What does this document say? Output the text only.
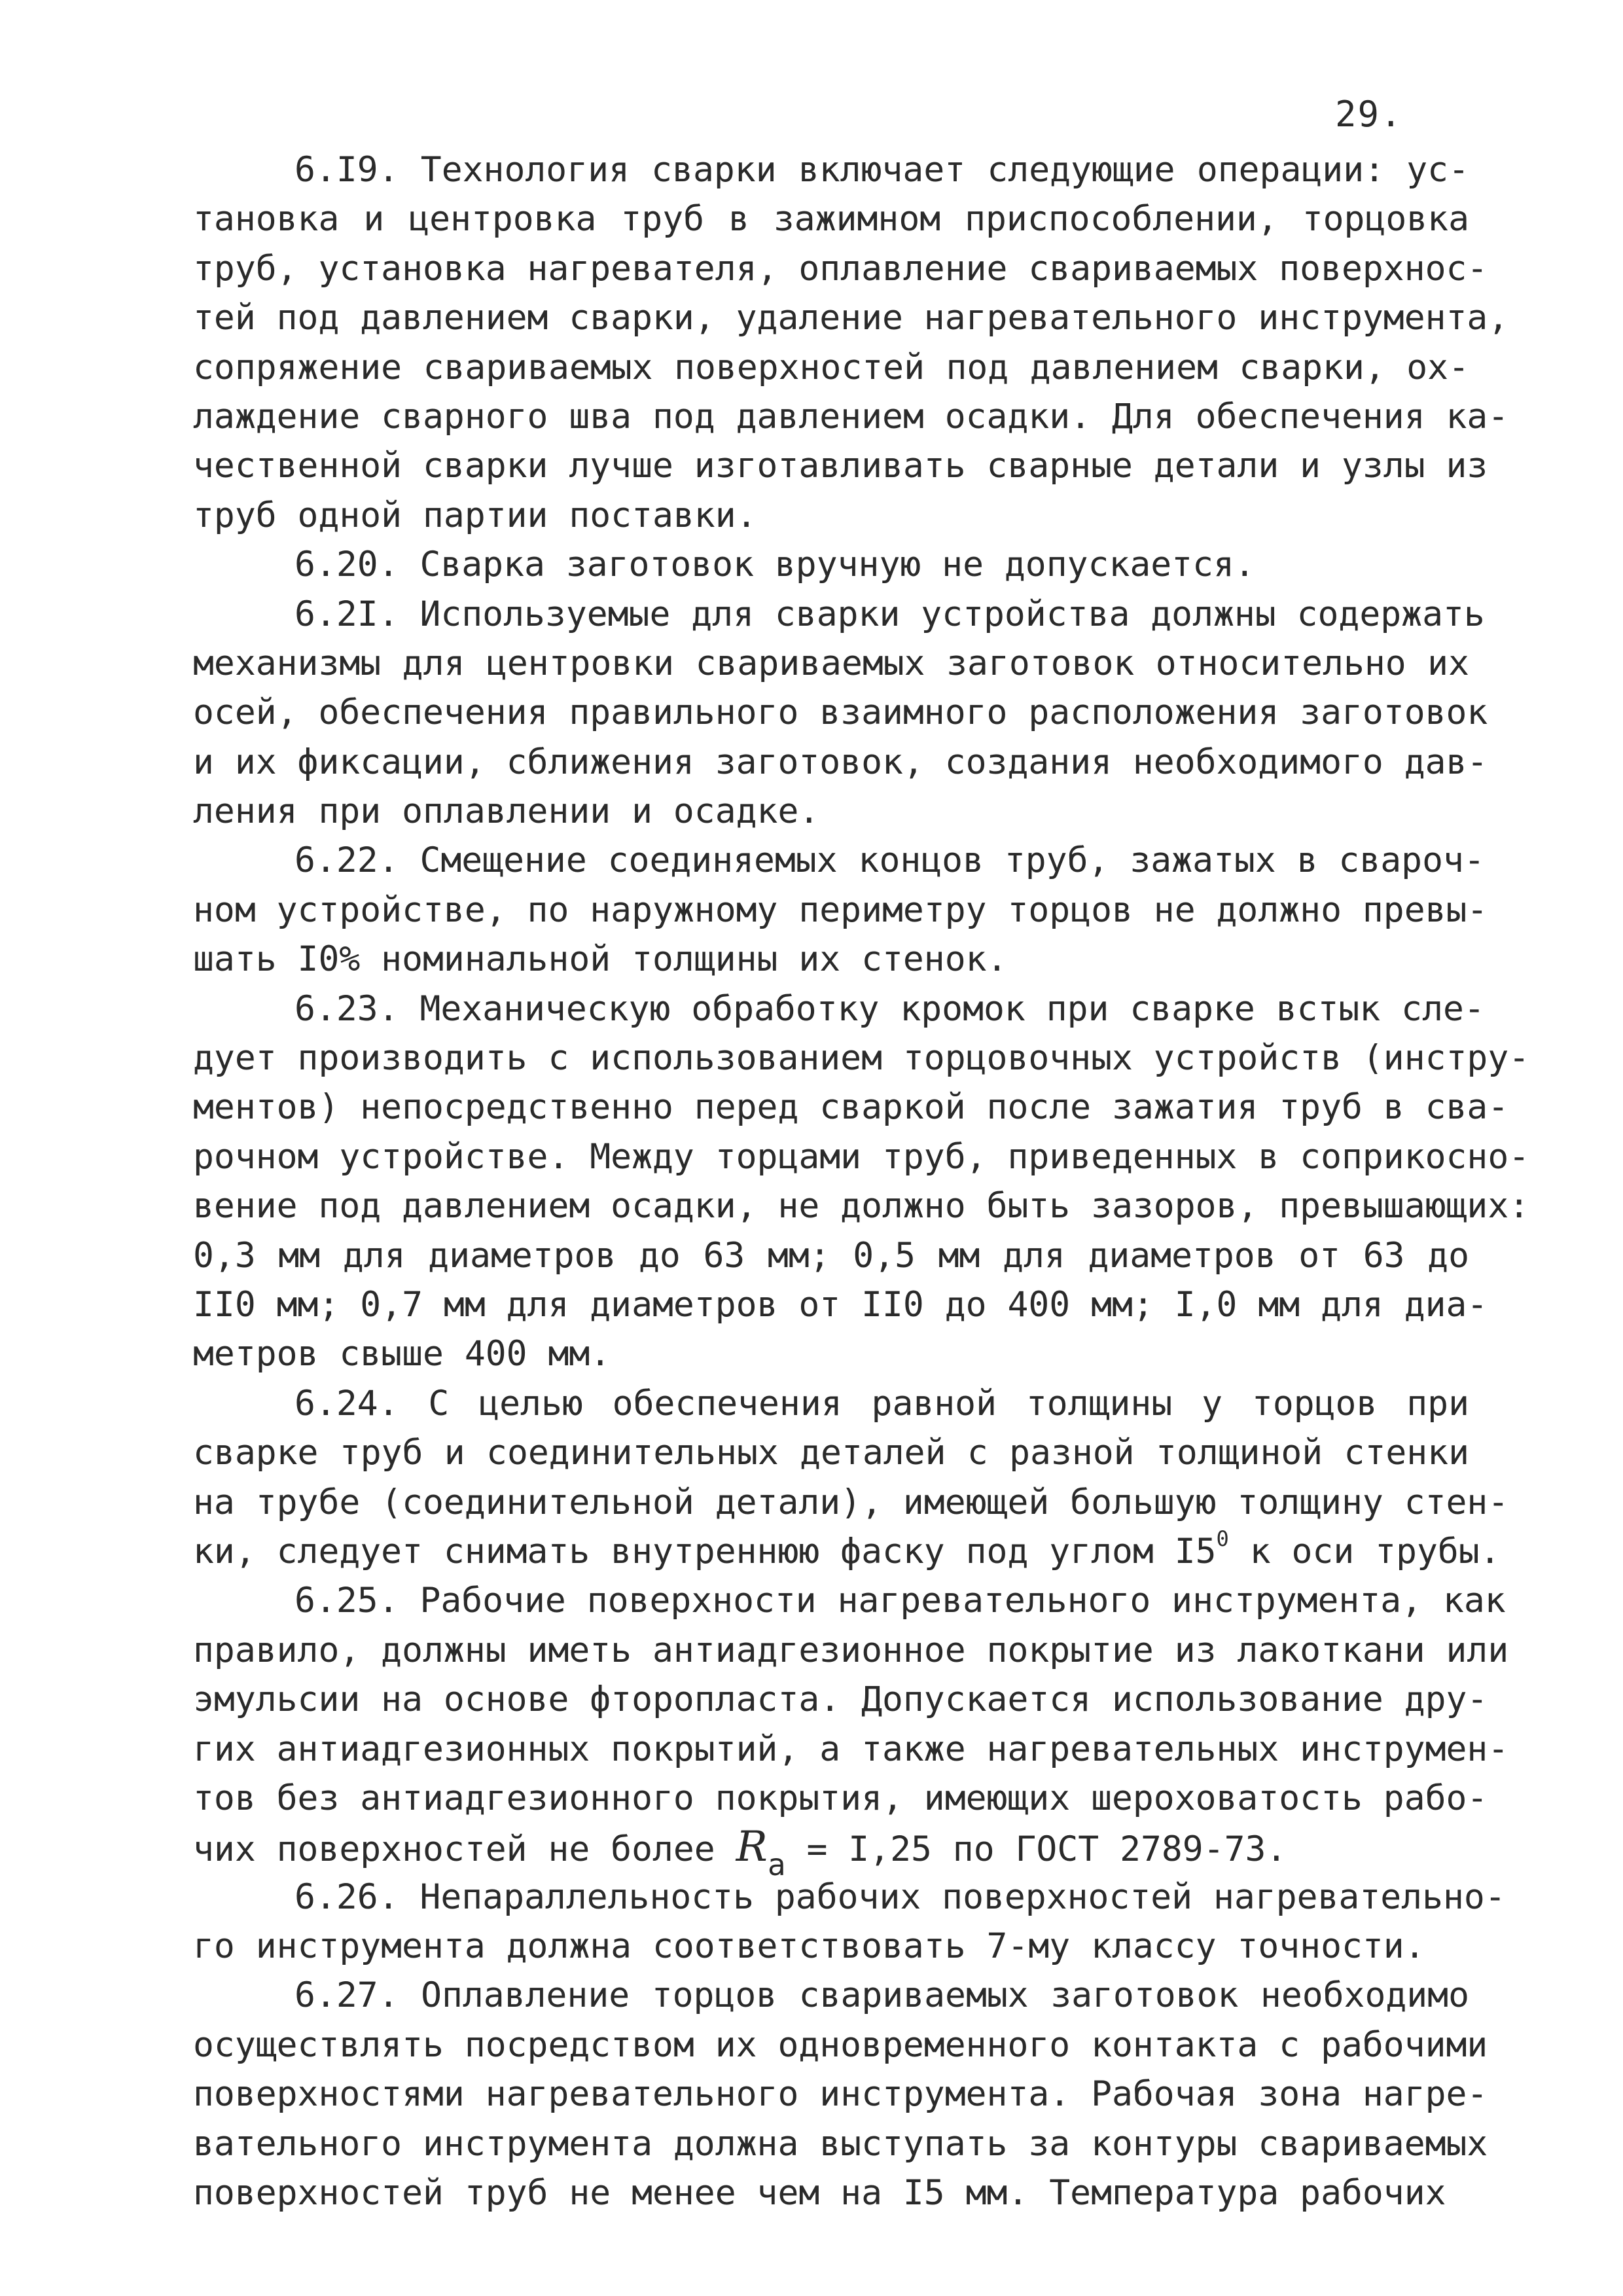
29.
6.I9. Технология сварки включает следующие операции: ус-
тановка и центровка труб в зажимном приспособлении, торцовка
труб, установка нагревателя, оплавление свариваемых поверхнос-
тей под давлением сварки, удаление нагревательного инструмента,
сопряжение свариваемых поверхностей под давлением сварки, ох-
лаждение сварного шва под давлением осадки. Для обеспечения ка-
чественной сварки лучше изготавливать сварные детали и узлы из
труб одной партии поставки.
6.20. Сварка заготовок вручную не допускается.
6.2I. Используемые для сварки устройства должны содержать
механизмы для центровки свариваемых заготовок относительно их
осей, обеспечения правильного взаимного расположения заготовок
и их фиксации, сближения заготовок, создания необходимого дав-
ления при оплавлении и осадке.
6.22. Смещение соединяемых концов труб, зажатых в свароч-
ном устройстве, по наружному периметру торцов не должно превы-
шать I0% номинальной толщины их стенок.
6.23. Механическую обработку кромок при сварке встык сле-
дует производить с использованием торцовочных устройств (инстру-
ментов) непосредственно перед сваркой после зажатия труб в сва-
рочном устройстве. Между торцами труб, приведенных в соприкосно-
вение под давлением осадки, не должно быть зазоров, превышающих:
0,3 мм для диаметров до 63 мм; 0,5 мм для диаметров от 63 до
II0 мм; 0,7 мм для диаметров от II0 до 400 мм; I,0 мм для диа-
метров свыше 400 мм.
6.24. С целью обеспечения равной толщины у торцов при
сварке труб и соединительных деталей с разной толщиной стенки
на трубе (соединительной детали), имеющей большую толщину стен-
ки, следует снимать внутреннюю фаску под углом $I5^0$ к оси трубы.
6.25. Рабочие поверхности нагревательного инструмента, как
правило, должны иметь антиадгезионное покрытие из лакоткани или
эмульсии на основе фторопласта. Допускается использование дру-
гих антиадгезионных покрытий, а также нагревательных инструмен-
тов без антиадгезионного покрытия, имеющих шероховатость рабо-
чих поверхностей не более $R_a = I,25$ по ГОСТ 2789-73.
6.26. Непараллельность рабочих поверхностей нагревательно-
го инструмента должна соответствовать 7-му классу точности.
6.27. Оплавление торцов свариваемых заготовок необходимо
осуществлять посредством их одновременного контакта с рабочими
поверхностями нагревательного инструмента. Рабочая зона нагре-
вательного инструмента должна выступать за контуры свариваемых
поверхностей труб не менее чем на I5 мм. Температура рабочих
